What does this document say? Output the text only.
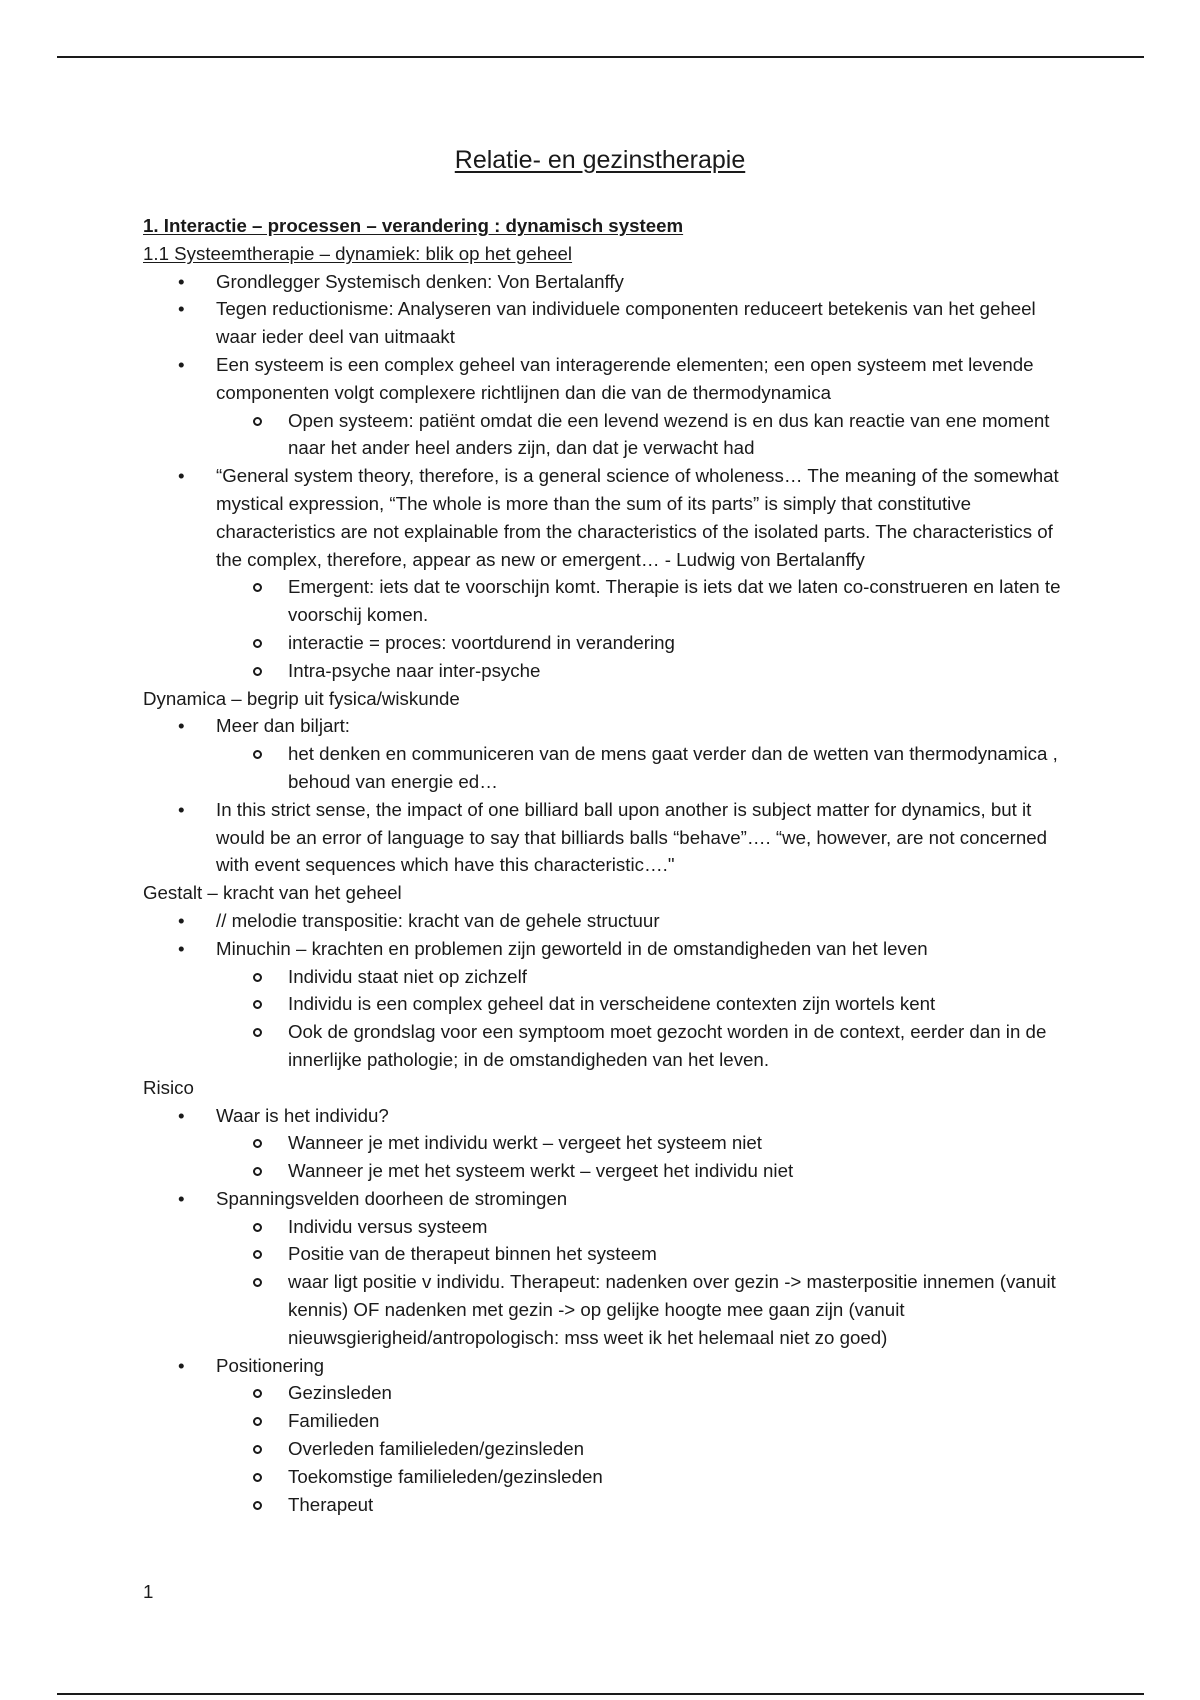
Relatie- en gezinstherapie
1. Interactie – processen – verandering : dynamisch systeem
1.1 Systeemtherapie – dynamiek: blik op het geheel
• Grondlegger Systemisch denken: Von Bertalanffy
• Tegen reductionisme: Analyseren van individuele componenten reduceert betekenis van het geheel waar ieder deel van uitmaakt
• Een systeem is een complex geheel van interagerende elementen; een open systeem met levende componenten volgt complexere richtlijnen dan die van de thermodynamica
Open systeem: patiënt omdat die een levend wezend is en dus kan reactie van ene moment naar het ander heel anders zijn, dan dat je verwacht had
• “General system theory, therefore, is a general science of wholeness… The meaning of the somewhat mystical expression, “The whole is more than the sum of its parts” is simply that constitutive characteristics are not explainable from the characteristics of the isolated parts. The characteristics of the complex, therefore, appear as new or emergent… - Ludwig von Bertalanffy
Emergent: iets dat te voorschijn komt. Therapie is iets dat we laten co-construeren en laten te voorschij komen.
interactie = proces: voortdurend in verandering
Intra-psyche naar inter-psyche
Dynamica – begrip uit fysica/wiskunde
• Meer dan biljart:
het denken en communiceren van de mens gaat verder dan de wetten van thermodynamica , behoud van energie ed…
• In this strict sense, the impact of one billiard ball upon another is subject matter for dynamics, but it would be an error of language to say that billiards balls “behave”…. “we, however, are not concerned with event sequences which have this characteristic…."
Gestalt – kracht van het geheel
• // melodie transpositie: kracht van de gehele structuur
• Minuchin – krachten en problemen zijn geworteld in de omstandigheden van het leven
Individu staat niet op zichzelf
Individu is een complex geheel dat in verscheidene contexten zijn wortels kent
Ook de grondslag voor een symptoom moet gezocht worden in de context, eerder dan in de innerlijke pathologie; in de omstandigheden van het leven.
Risico
• Waar is het individu?
Wanneer je met individu werkt – vergeet het systeem niet
Wanneer je met het systeem werkt – vergeet het individu niet
• Spanningsvelden doorheen de stromingen
Individu versus systeem
Positie van de therapeut binnen het systeem
waar ligt positie v individu. Therapeut: nadenken over gezin -> masterpositie innemen (vanuit kennis) OF nadenken met gezin -> op gelijke hoogte mee gaan zijn (vanuit nieuwsgierigheid/antropologisch: mss weet ik het helemaal niet zo goed)
• Positionering
Gezinsleden
Familieden
Overleden familieleden/gezinsleden
Toekomstige familieleden/gezinsleden
Therapeut
1
